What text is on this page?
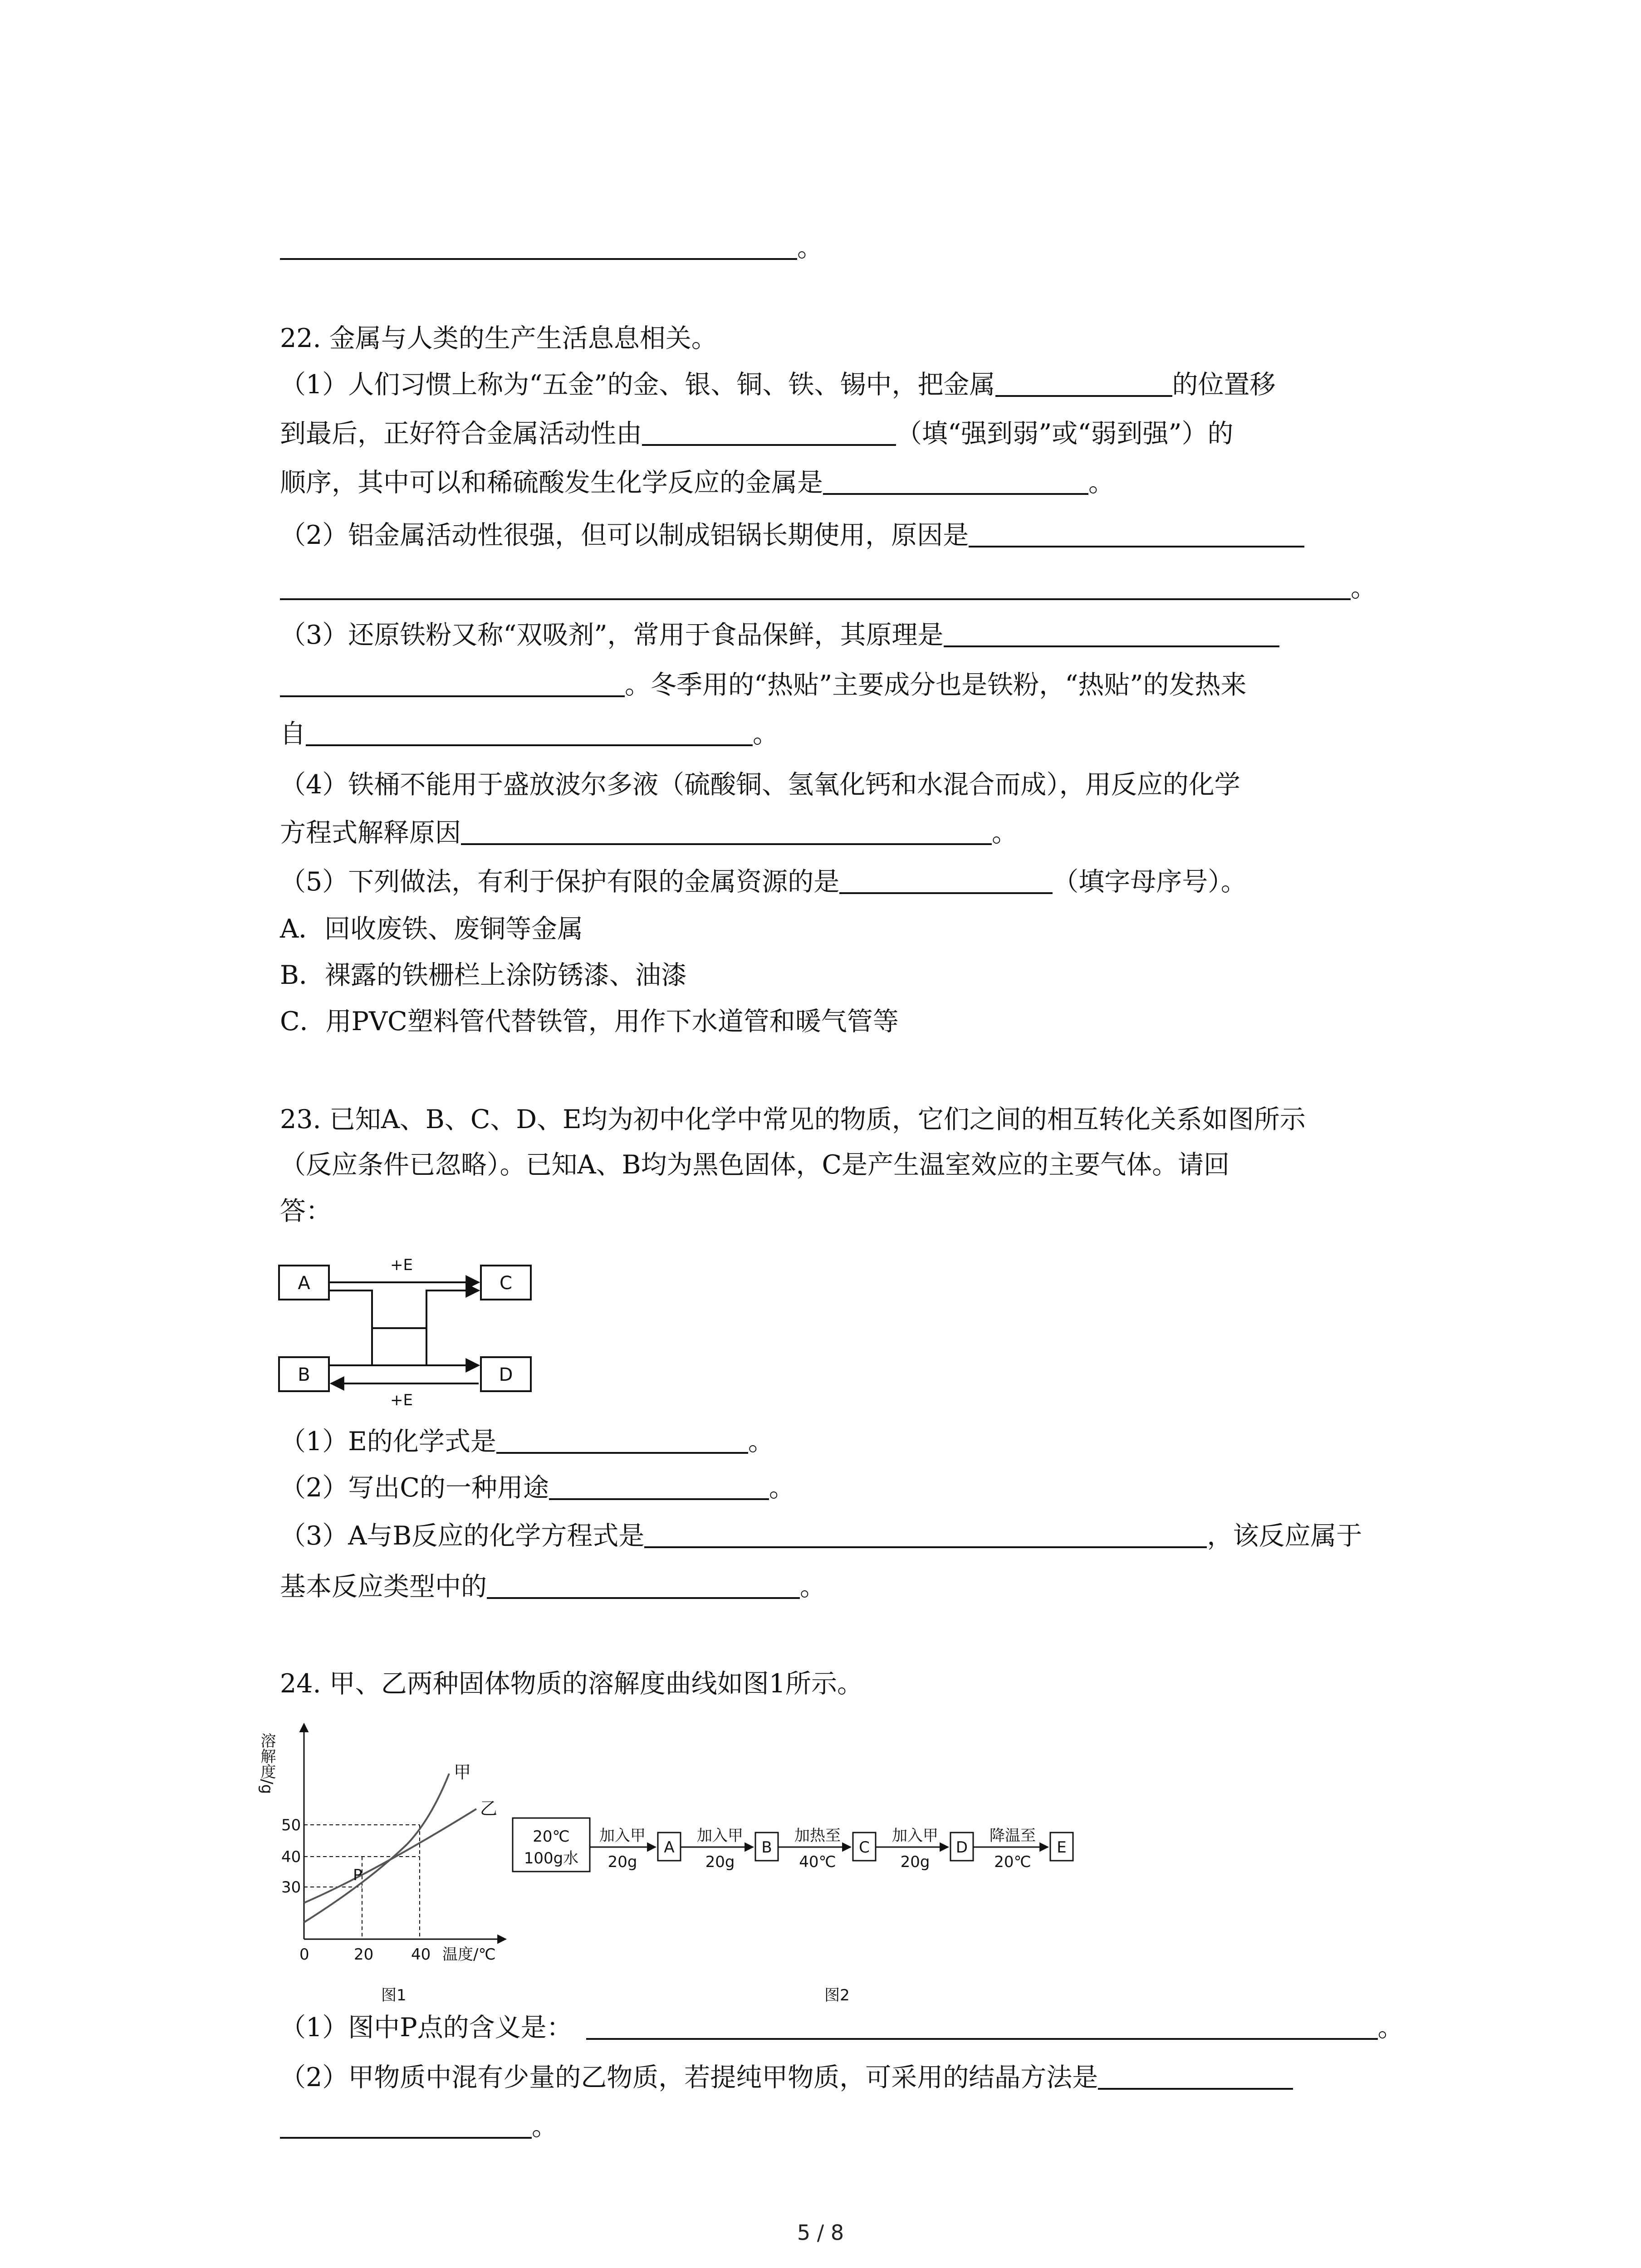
。
22. 金属与人类的生产生活息息相关。
（1）人们习惯上称为“五金”的金、银、铜、铁、锡中，把金属	的位置移
到最后，正好符合金属活动性由	（填“强到弱”或“弱到强”）的
顺序，其中可以和稀硫酸发生化学反应的金属是	。
（2）铝金属活动性很强，但可以制成铝锅长期使用，原因是
。
（3）还原铁粉又称“双吸剂”，常用于食品保鲜，其原理是
。冬季用的“热贴”主要成分也是铁粉，“热贴”的发热来
自	。
（4）铁桶不能用于盛放波尔多液（硫酸铜、氢氧化钙和水混合而成），用反应的化学
方程式解释原因	。
（5）下列做法，有利于保护有限的金属资源的是	（填字母序号）。
A．回收废铁、废铜等金属
B．裸露的铁栅栏上涂防锈漆、油漆
C．用PVC塑料管代替铁管，用作下水道管和暖气管等
23. 已知A、B、C、D、E均为初中化学中常见的物质，它们之间的相互转化关系如图所示
（反应条件已忽略）。已知A、B均为黑色固体，C是产生温室效应的主要气体。请回
答：
A	C
B	D
+E
+E
（1）E的化学式是	。
（2）写出C的一种用途	。
（3）A与B反应的化学方程式是	，该反应属于
基本反应类型中的	。
24. 甲、乙两种固体物质的溶解度曲线如图1所示。
溶解度/g
50
40
30
0	20 40 温度/℃
甲
乙
P
图1
20℃
100g水
加入甲
20g
A
加入甲
20g
B
加热至
40℃
C
加入甲
20g
D
降温至
20℃
E
图2
（1）图中P点的含义是：	。
（2）甲物质中混有少量的乙物质，若提纯甲物质，可采用的结晶方法是
。
5 / 8
